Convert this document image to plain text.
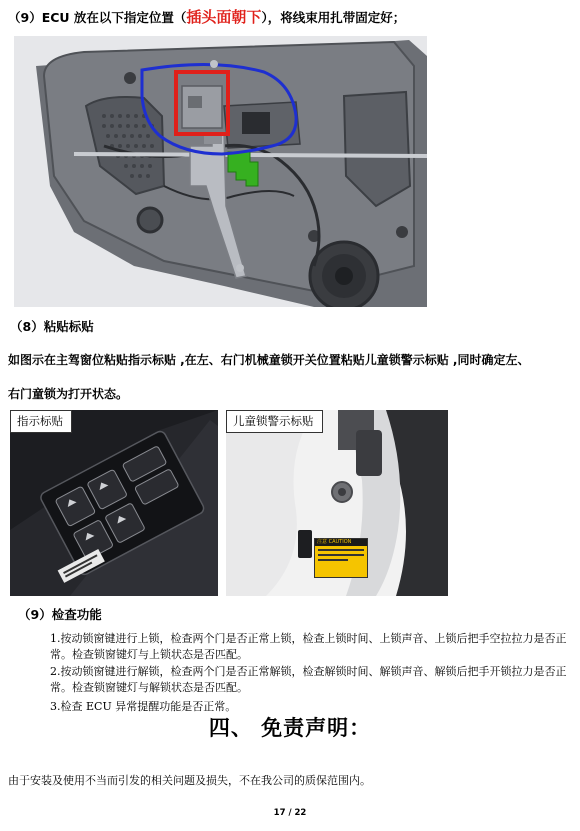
（9）ECU 放在以下指定位置（插头面朝下），将线束用扎带固定好；
（8）粘贴标贴
如图示在主驾窗位粘贴指示标贴 ,在左、右门机械童锁开关位置粘贴儿童锁警示标贴 ,同时确定左、
右门童锁为打开状态。
指示标贴
注意 CAUTION
儿童锁警示标贴
（9）检查功能
1.按动锁窗键进行上锁，检查两个门是否正常上锁，检查上锁时间、上锁声音、上锁后把手空拉拉力是否正常。检查锁窗键灯与上锁状态是否匹配。
2.按动锁窗键进行解锁，检查两个门是否正常解锁，检查解锁时间、解锁声音、解锁后把手开锁拉力是否正常。检查锁窗键灯与解锁状态是否匹配。
3.检查 ECU 异常提醒功能是否正常。
四、 免责声明：
由于安装及使用不当而引发的相关问题及损失，不在我公司的质保范围内。
17 / 22
